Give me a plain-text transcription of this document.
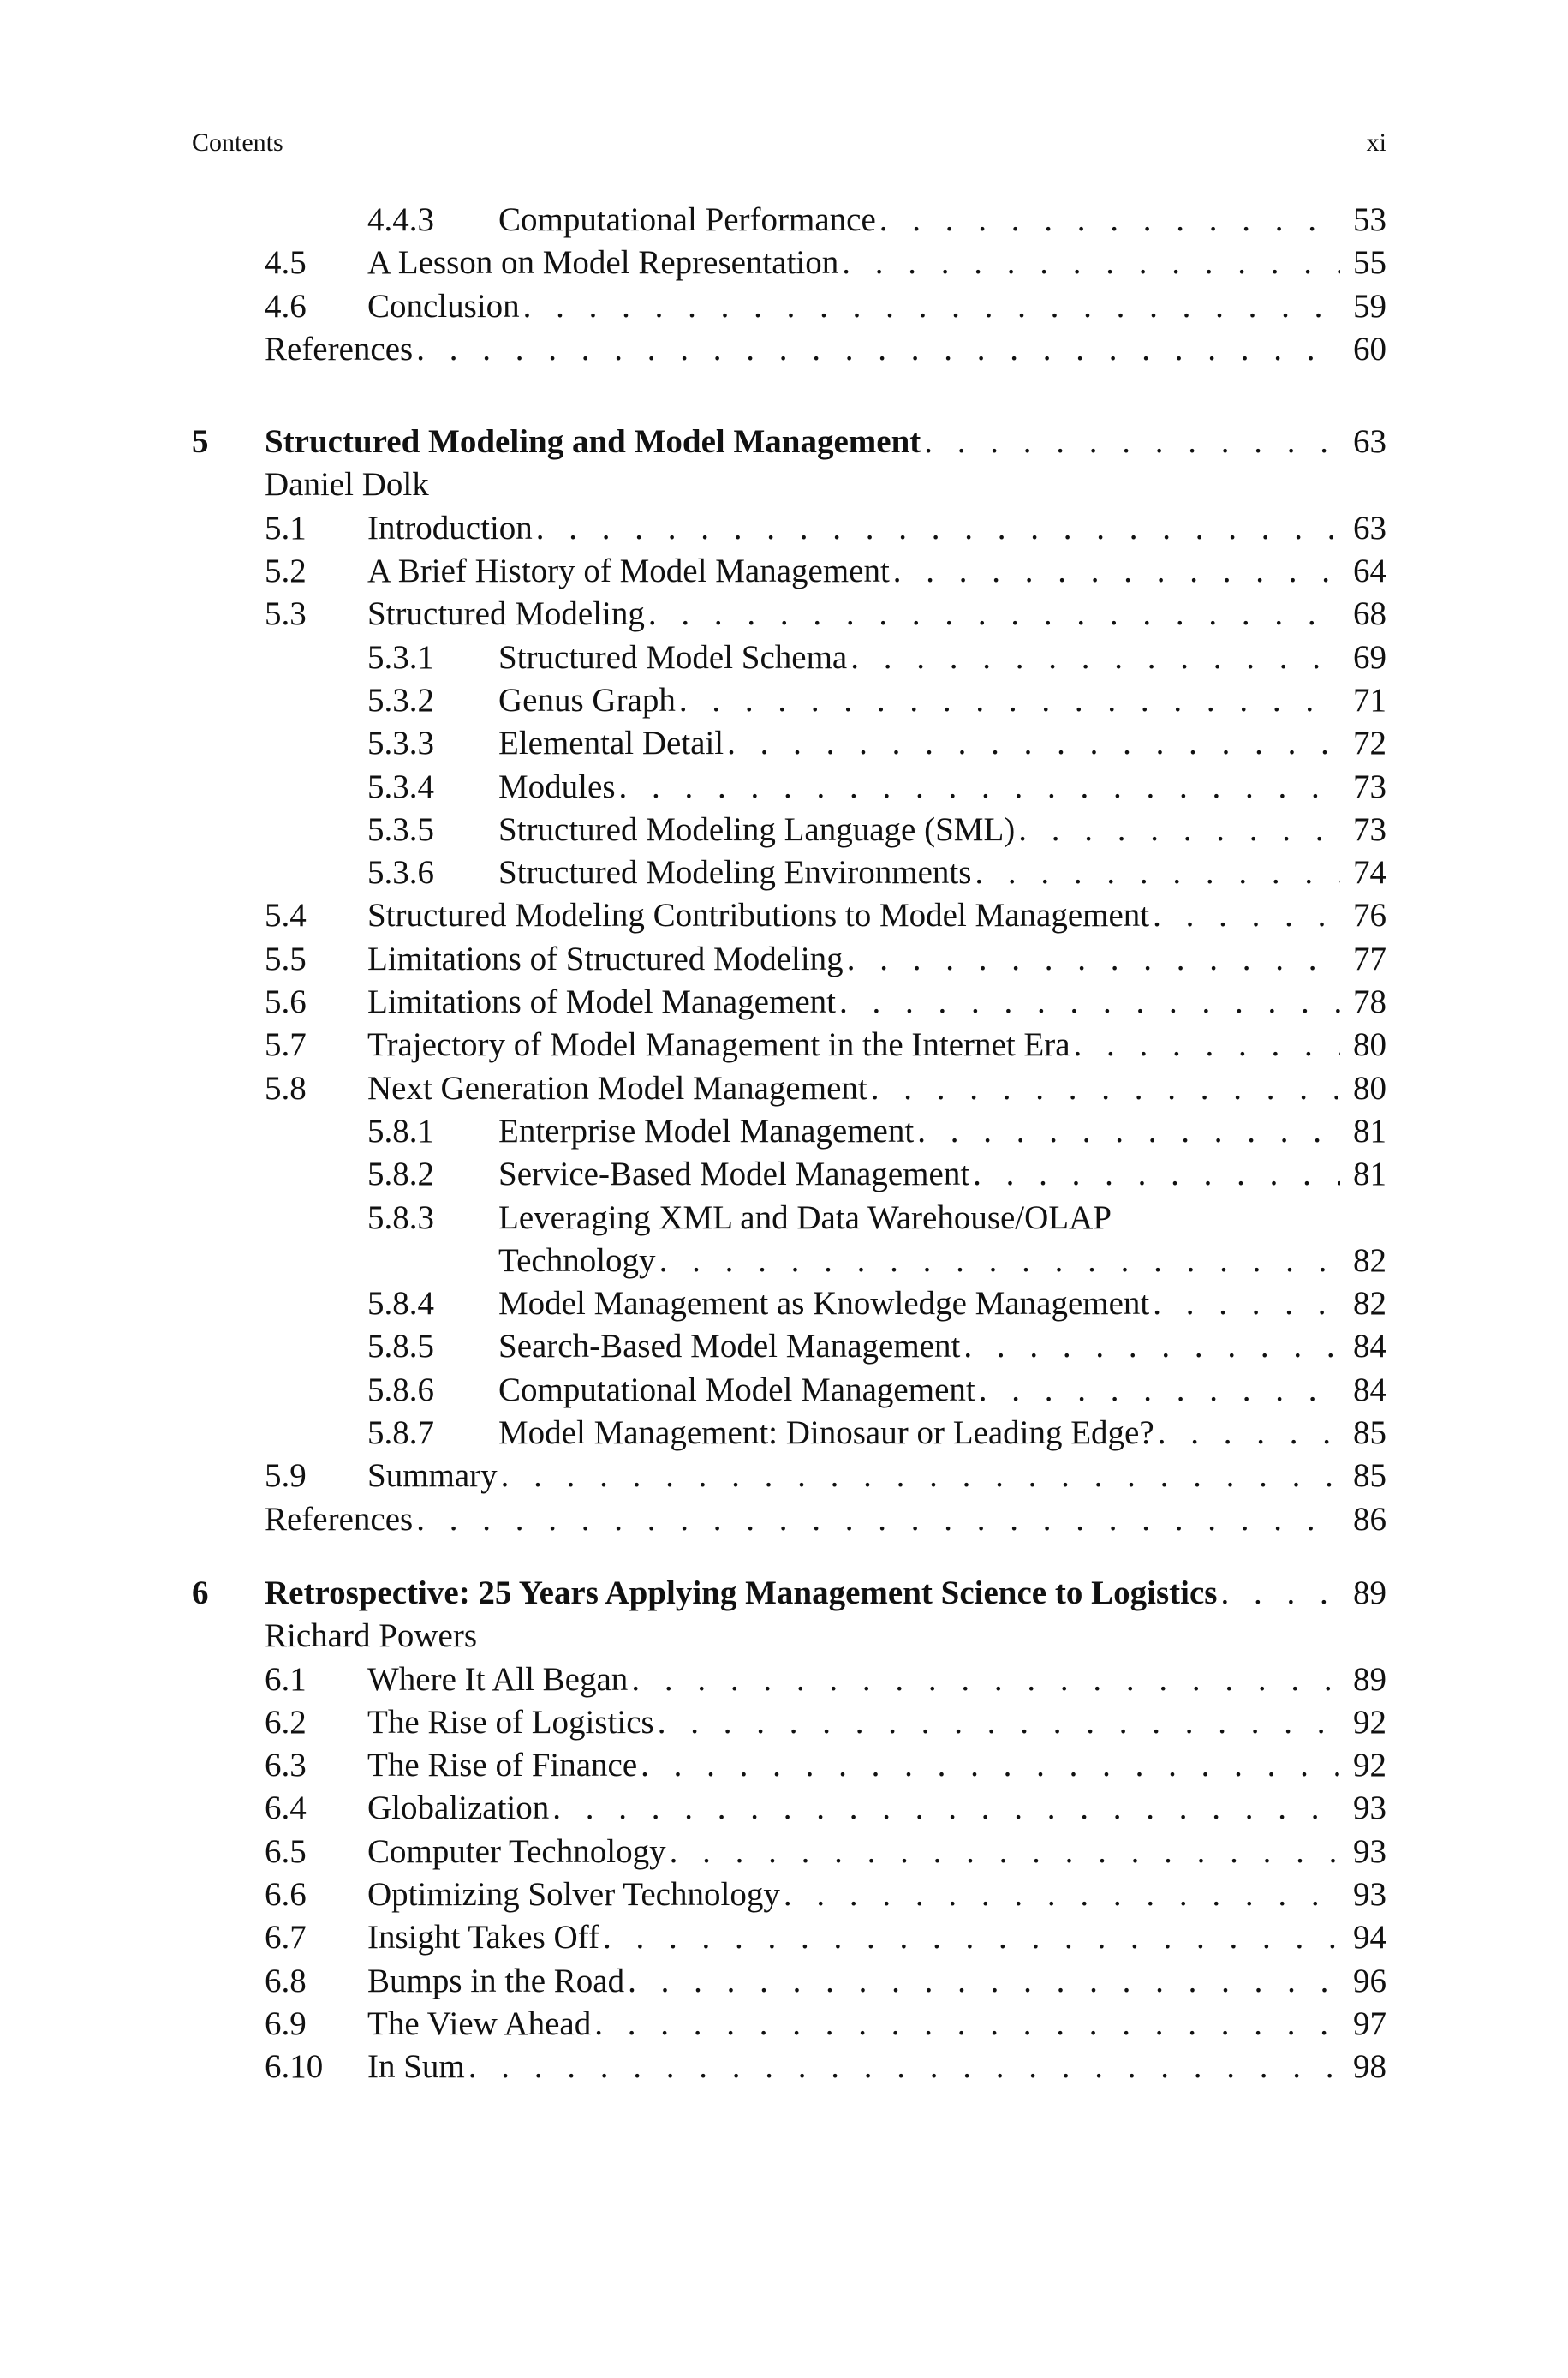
Contents	xi
4.4.3 Computational Performance . . .	53
4.5 A Lesson on Model Representation . . .	55
4.6 Conclusion . . .	59
References . . .	60
5 Structured Modeling and Model Management . . .	63
Daniel Dolk
5.1 Introduction . . .	63
5.2 A Brief History of Model Management . . .	64
5.3 Structured Modeling . . .	68
5.3.1 Structured Model Schema . . .	69
5.3.2 Genus Graph . . .	71
5.3.3 Elemental Detail . . .	72
5.3.4 Modules . . .	73
5.3.5 Structured Modeling Language (SML) . . .	73
5.3.6 Structured Modeling Environments . . .	74
5.4 Structured Modeling Contributions to Model Management . . .	76
5.5 Limitations of Structured Modeling . . .	77
5.6 Limitations of Model Management . . .	78
5.7 Trajectory of Model Management in the Internet Era . . .	80
5.8 Next Generation Model Management . . .	80
5.8.1 Enterprise Model Management . . .	81
5.8.2 Service-Based Model Management . . .	81
5.8.3 Leveraging XML and Data Warehouse/OLAP
Technology . . .	82
5.8.4 Model Management as Knowledge Management . . .	82
5.8.5 Search-Based Model Management . . .	84
5.8.6 Computational Model Management . . .	84
5.8.7 Model Management: Dinosaur or Leading Edge? . . .	85
5.9 Summary . . .	85
References . . .	86
6 Retrospective: 25 Years Applying Management Science to Logistics . . .	89
Richard Powers
6.1 Where It All Began . . .	89
6.2 The Rise of Logistics . . .	92
6.3 The Rise of Finance . . .	92
6.4 Globalization . . .	93
6.5 Computer Technology . . .	93
6.6 Optimizing Solver Technology . . .	93
6.7 Insight Takes Off . . .	94
6.8 Bumps in the Road . . .	96
6.9 The View Ahead . . .	97
6.10 In Sum . . .	98
